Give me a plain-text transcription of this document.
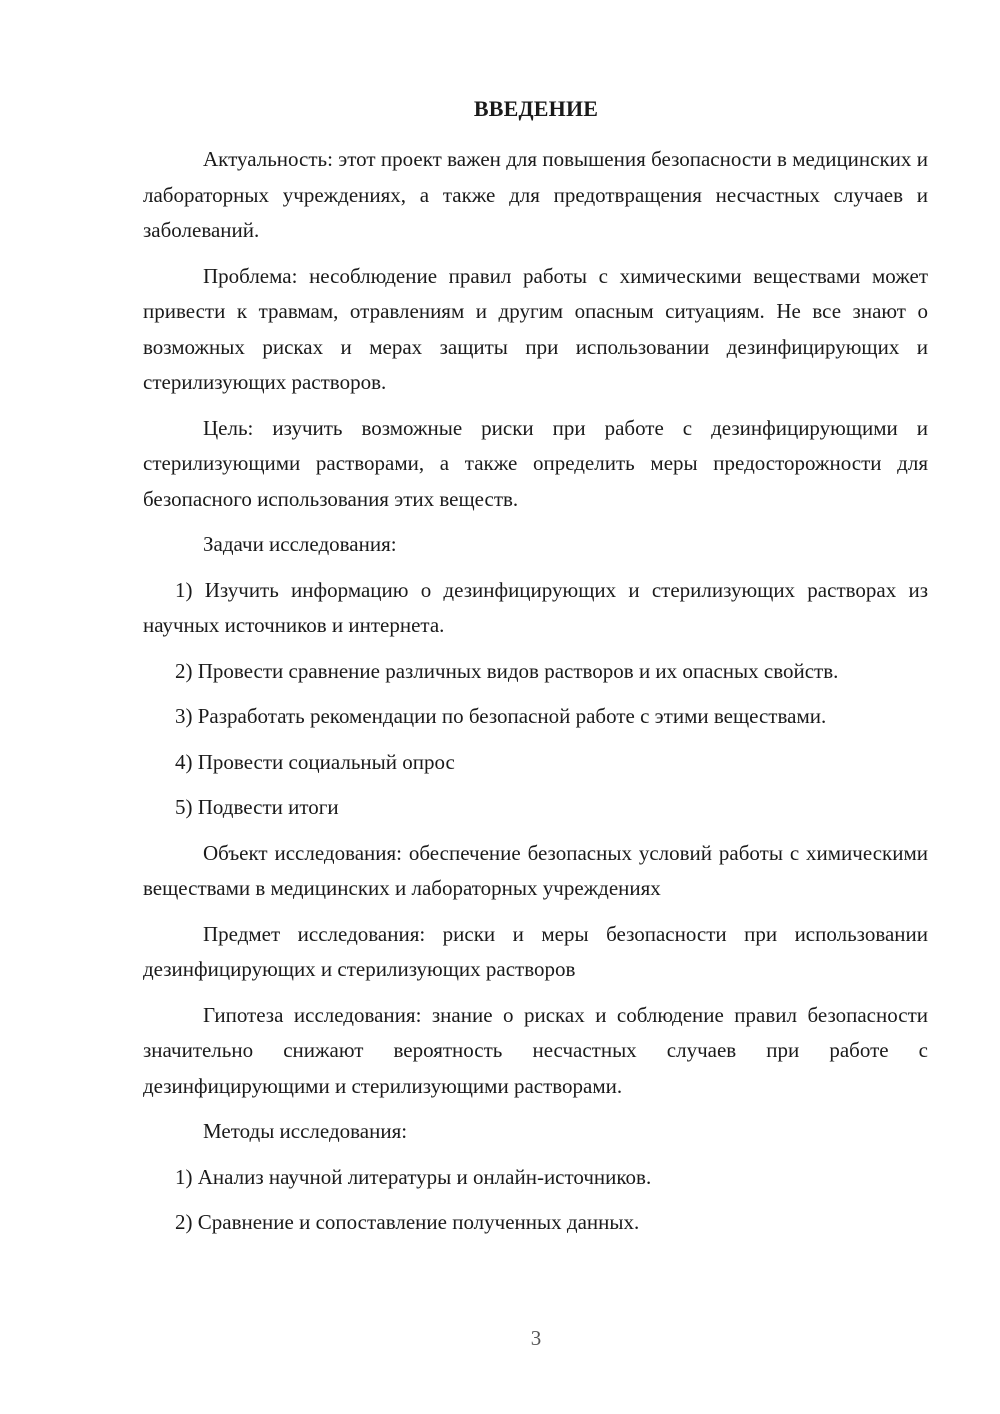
ВВЕДЕНИЕ

Актуальность: этот проект важен для повышения безопасности в медицинских и лабораторных учреждениях, а также для предотвращения несчастных случаев и заболеваний.

Проблема: несоблюдение правил работы с химическими веществами может привести к травмам, отравлениям и другим опасным ситуациям. Не все знают о возможных рисках и мерах защиты при использовании дезинфицирующих и стерилизующих растворов.

Цель: изучить возможные риски при работе с дезинфицирующими и стерилизующими растворами, а также определить меры предосторожности для безопасного использования этих веществ.

Задачи исследования:

1) Изучить информацию о дезинфицирующих и стерилизующих растворах из научных источников и интернета.

2) Провести сравнение различных видов растворов и их опасных свойств.

3) Разработать рекомендации по безопасной работе с этими веществами.

4) Провести социальный опрос

5) Подвести итоги

Объект исследования: обеспечение безопасных условий работы с химическими веществами в медицинских и лабораторных учреждениях

Предмет исследования: риски и меры безопасности при использовании дезинфицирующих и стерилизующих растворов

Гипотеза исследования: знание о рисках и соблюдение правил безопасности значительно снижают вероятность несчастных случаев при работе с дезинфицирующими и стерилизующими растворами.

Методы исследования:

1) Анализ научной литературы и онлайн-источников.

2) Сравнение и сопоставление полученных данных.

3
